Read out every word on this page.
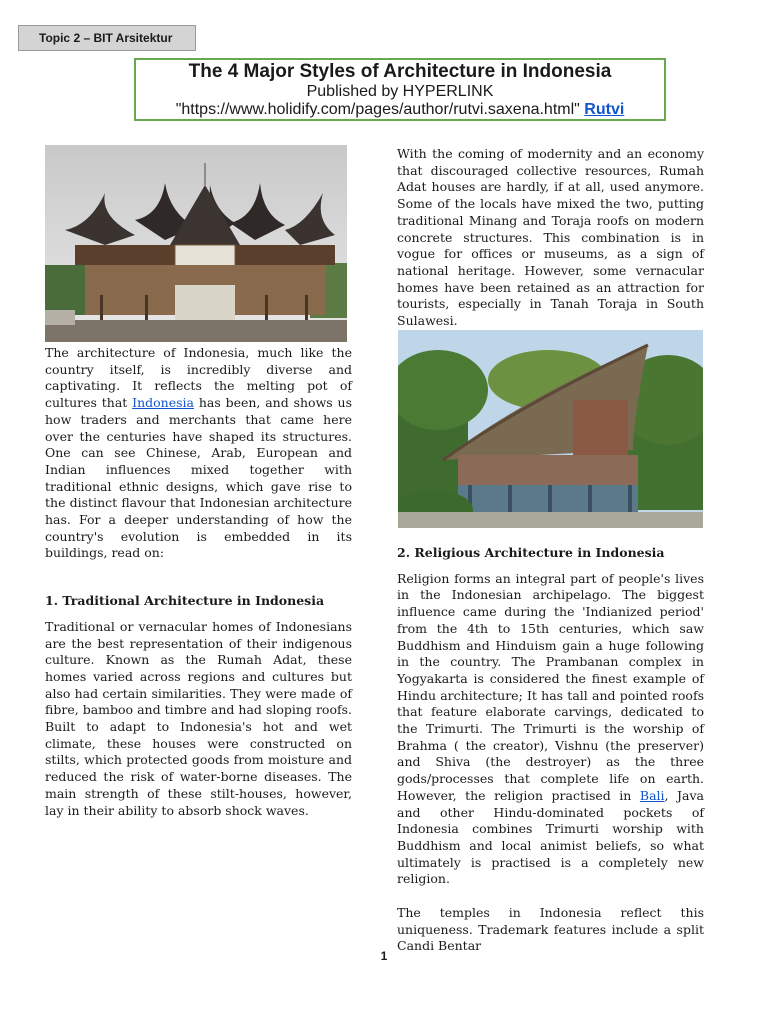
Topic 2 – BIT Arsitektur
The 4 Major Styles of Architecture in Indonesia
Published by HYPERLINK
"https://www.holidify.com/pages/author/rutvi.saxena.html" Rutvi

The architecture of Indonesia, much like the country itself, is incredibly diverse and captivating. It reflects the melting pot of cultures that Indonesia has been, and shows us how traders and merchants that came here over the centuries have shaped its structures. One can see Chinese, Arab, European and Indian influences mixed together with traditional ethnic designs, which gave rise to the distinct flavour that Indonesian architecture has. For a deeper understanding of how the country's evolution is embedded in its buildings, read on:

1. Traditional Architecture in Indonesia

Traditional or vernacular homes of Indonesians are the best representation of their indigenous culture. Known as the Rumah Adat, these homes varied across regions and cultures but also had certain similarities. They were made of fibre, bamboo and timbre and had sloping roofs. Built to adapt to Indonesia's hot and wet climate, these houses were constructed on stilts, which protected goods from moisture and reduced the risk of water-borne diseases. The main strength of these stilt-houses, however, lay in their ability to absorb shock waves.

With the coming of modernity and an economy that discouraged collective resources, Rumah Adat houses are hardly, if at all, used anymore. Some of the locals have mixed the two, putting traditional Minang and Toraja roofs on modern concrete structures. This combination is in vogue for offices or museums, as a sign of national heritage. However, some vernacular homes have been retained as an attraction for tourists, especially in Tanah Toraja in South Sulawesi.

2. Religious Architecture in Indonesia

Religion forms an integral part of people's lives in the Indonesian archipelago. The biggest influence came during the 'Indianized period' from the 4th to 15th centuries, which saw Buddhism and Hinduism gain a huge following in the country. The Prambanan complex in Yogyakarta is considered the finest example of Hindu architecture; It has tall and pointed roofs that feature elaborate carvings, dedicated to the Trimurti. The Trimurti is the worship of Brahma ( the creator), Vishnu (the preserver) and Shiva (the destroyer) as the three gods/processes that complete life on earth. However, the religion practised in Bali, Java and other Hindu-dominated pockets of Indonesia combines Trimurti worship with Buddhism and local animist beliefs, so what ultimately is practised is a completely new religion.

The temples in Indonesia reflect this uniqueness. Trademark features include a split Candi Bentar

1
